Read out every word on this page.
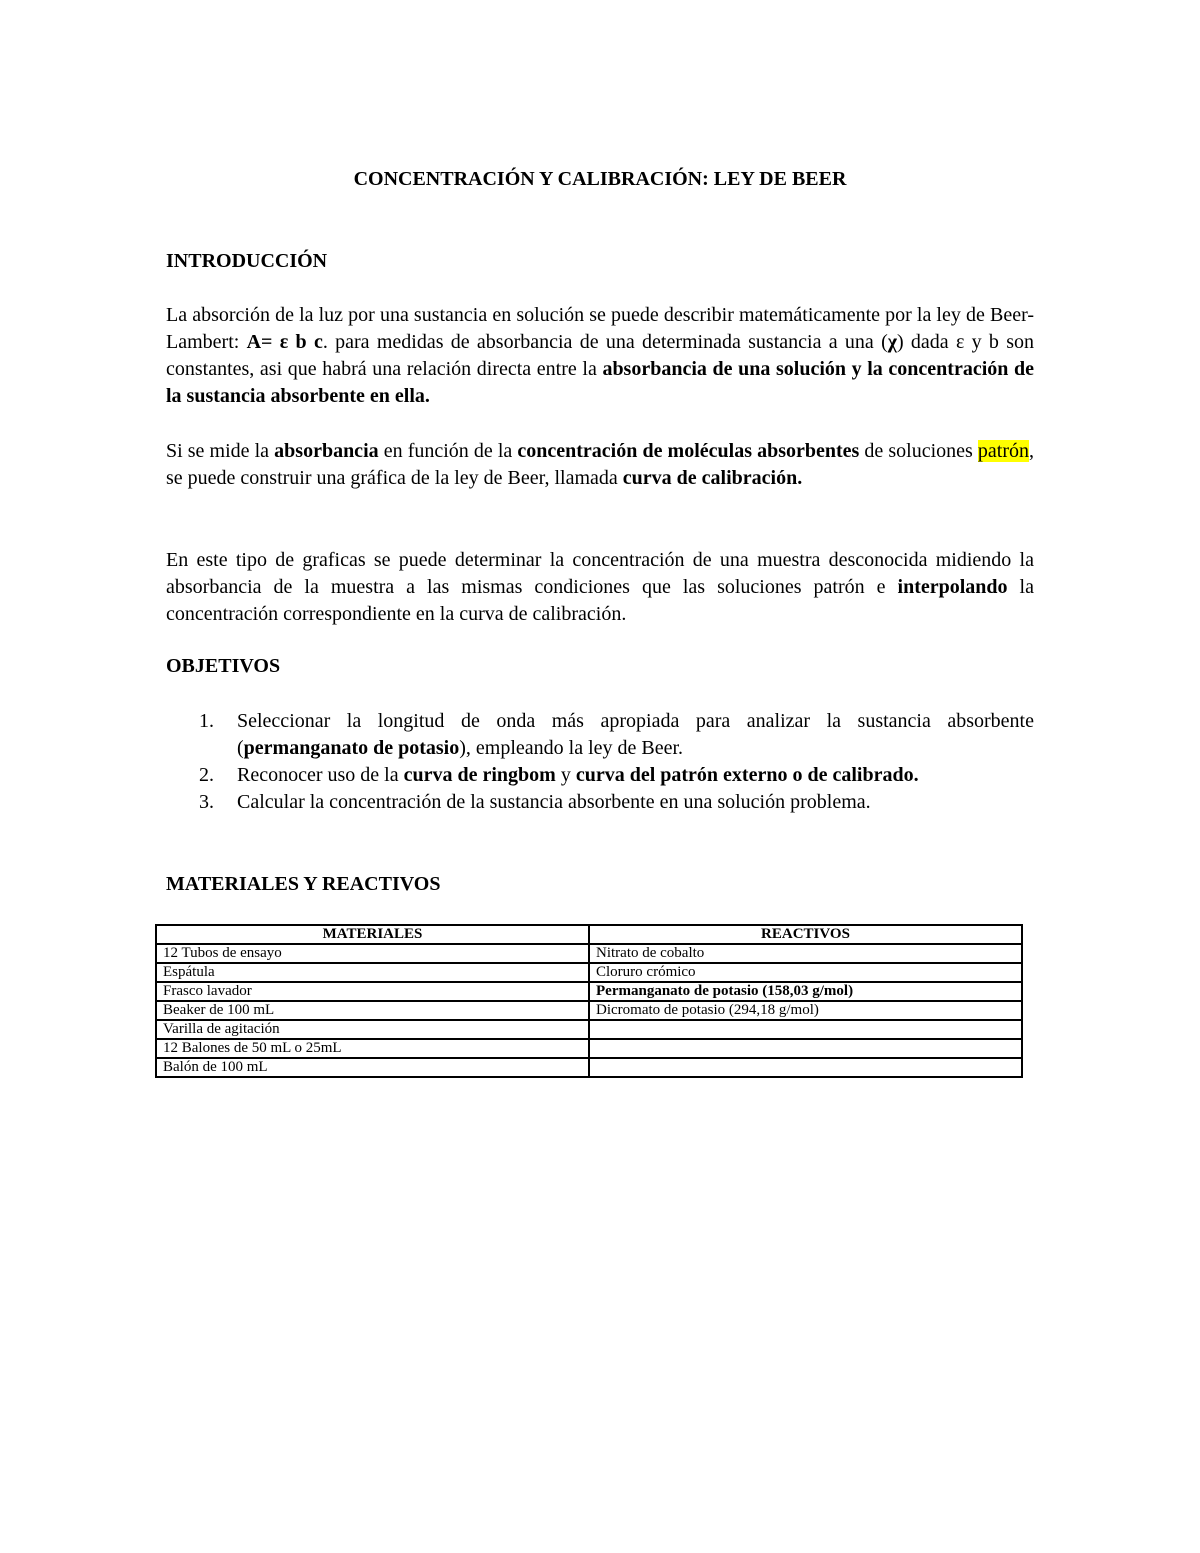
CONCENTRACIÓN Y CALIBRACIÓN: LEY DE BEER
INTRODUCCIÓN

La absorción de la luz por una sustancia en solución se puede describir matemáticamente por la ley de Beer-Lambert: A= ε b c. para medidas de absorbancia de una determinada sustancia a una (χ) dada ε y b son constantes, asi que habrá una relación directa entre la absorbancia de una solución y la concentración de la sustancia absorbente en ella.

Si se mide la absorbancia en función de la concentración de moléculas absorbentes de soluciones patrón, se puede construir una gráfica de la ley de Beer, llamada curva de calibración.

En este tipo de graficas se puede determinar la concentración de una muestra desconocida midiendo la absorbancia de la muestra a las mismas condiciones que las soluciones patrón e interpolando la concentración correspondiente en la curva de calibración.

OBJETIVOS
1. Seleccionar la longitud de onda más apropiada para analizar la sustancia absorbente (permanganato de potasio), empleando la ley de Beer.
2. Reconocer uso de la curva de ringbom y curva del patrón externo o de calibrado.
3. Calcular la concentración de la sustancia absorbente en una solución problema.
MATERIALES Y REACTIVOS
MATERIALES	REACTIVOS
12 Tubos de ensayo	Nitrato de cobalto
Espátula	Cloruro crómico
Frasco lavador	Permanganato de potasio (158,03 g/mol)
Beaker de 100 mL	Dicromato de potasio (294,18 g/mol)
Varilla de agitación	
12 Balones de 50 mL o 25mL	
Balón de 100 mL	
